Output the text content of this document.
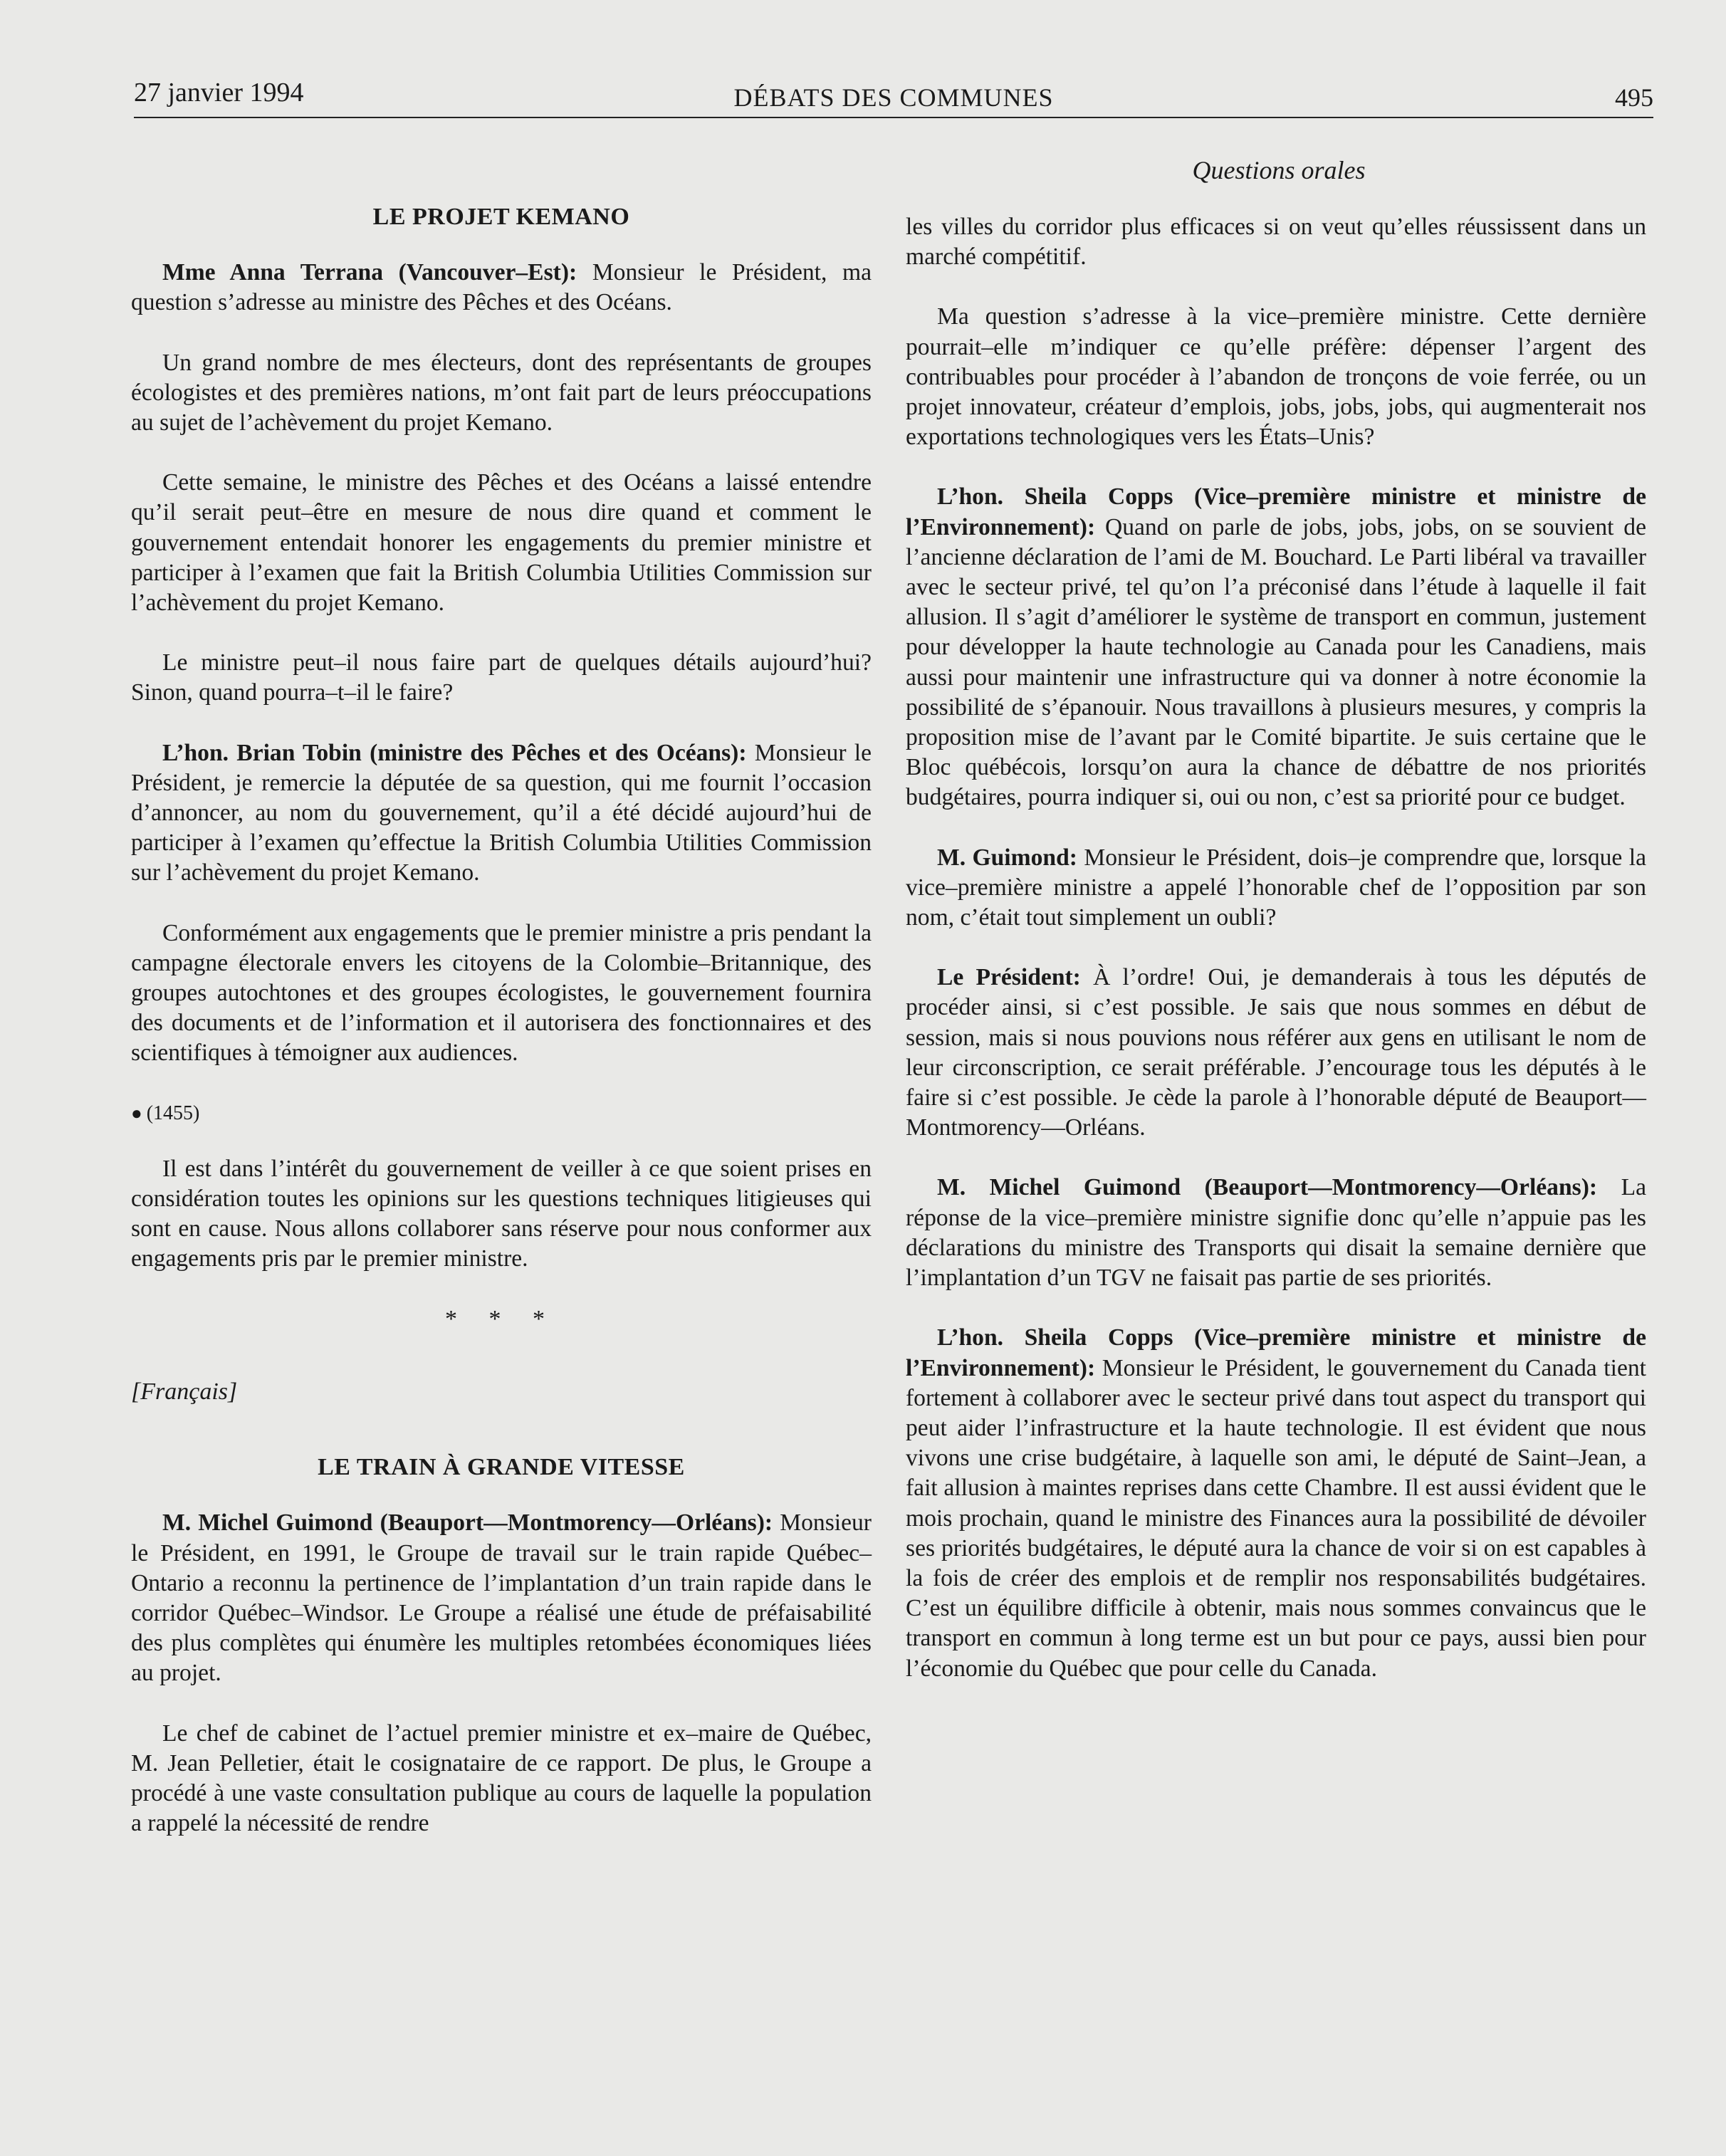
27 janvier 1994	DÉBATS DES COMMUNES	495
Questions orales
LE PROJET KEMANO

Mme Anna Terrana (Vancouver–Est): Monsieur le Président, ma question s’adresse au ministre des Pêches et des Océans.

Un grand nombre de mes électeurs, dont des représentants de groupes écologistes et des premières nations, m’ont fait part de leurs préoccupations au sujet de l’achèvement du projet Kemano.

Cette semaine, le ministre des Pêches et des Océans a laissé entendre qu’il serait peut–être en mesure de nous dire quand et comment le gouvernement entendait honorer les engagements du premier ministre et participer à l’examen que fait la British Columbia Utilities Commission sur l’achèvement du projet Kemano.

Le ministre peut–il nous faire part de quelques détails aujourd’hui? Sinon, quand pourra–t–il le faire?

L’hon. Brian Tobin (ministre des Pêches et des Océans): Monsieur le Président, je remercie la députée de sa question, qui me fournit l’occasion d’annoncer, au nom du gouvernement, qu’il a été décidé aujourd’hui de participer à l’examen qu’effectue la British Columbia Utilities Commission sur l’achèvement du projet Kemano.

Conformément aux engagements que le premier ministre a pris pendant la campagne électorale envers les citoyens de la Colombie–Britannique, des groupes autochtones et des groupes écologistes, le gouvernement fournira des documents et de l’information et il autorisera des fonctionnaires et des scientifiques à témoigner aux audiences.

● (1455)

Il est dans l’intérêt du gouvernement de veiller à ce que soient prises en considération toutes les opinions sur les questions techniques litigieuses qui sont en cause. Nous allons collaborer sans réserve pour nous conformer aux engagements pris par le premier ministre.

* * *
[Français]
LE TRAIN À GRANDE VITESSE

M. Michel Guimond (Beauport—Montmorency—Orléans): Monsieur le Président, en 1991, le Groupe de travail sur le train rapide Québec–Ontario a reconnu la pertinence de l’implantation d’un train rapide dans le corridor Québec–Windsor. Le Groupe a réalisé une étude de préfaisabilité des plus complètes qui énumère les multiples retombées économiques liées au projet.

Le chef de cabinet de l’actuel premier ministre et ex–maire de Québec, M. Jean Pelletier, était le cosignataire de ce rapport. De plus, le Groupe a procédé à une vaste consultation publique au cours de laquelle la population a rappelé la nécessité de rendre

les villes du corridor plus efficaces si on veut qu’elles réussissent dans un marché compétitif.

Ma question s’adresse à la vice–première ministre. Cette dernière pourrait–elle m’indiquer ce qu’elle préfère: dépenser l’argent des contribuables pour procéder à l’abandon de tronçons de voie ferrée, ou un projet innovateur, créateur d’emplois, jobs, jobs, jobs, qui augmenterait nos exportations technologiques vers les États–Unis?

L’hon. Sheila Copps (Vice–première ministre et ministre de l’Environnement): Quand on parle de jobs, jobs, jobs, on se souvient de l’ancienne déclaration de l’ami de M. Bouchard. Le Parti libéral va travailler avec le secteur privé, tel qu’on l’a préconisé dans l’étude à laquelle il fait allusion. Il s’agit d’améliorer le système de transport en commun, justement pour développer la haute technologie au Canada pour les Canadiens, mais aussi pour maintenir une infrastructure qui va donner à notre économie la possibilité de s’épanouir. Nous travaillons à plusieurs mesures, y compris la proposition mise de l’avant par le Comité bipartite. Je suis certaine que le Bloc québécois, lorsqu’on aura la chance de débattre de nos priorités budgétaires, pourra indiquer si, oui ou non, c’est sa priorité pour ce budget.

M. Guimond: Monsieur le Président, dois–je comprendre que, lorsque la vice–première ministre a appelé l’honorable chef de l’opposition par son nom, c’était tout simplement un oubli?

Le Président: À l’ordre! Oui, je demanderais à tous les députés de procéder ainsi, si c’est possible. Je sais que nous sommes en début de session, mais si nous pouvions nous référer aux gens en utilisant le nom de leur circonscription, ce serait préférable. J’encourage tous les députés à le faire si c’est possible. Je cède la parole à l’honorable député de Beauport—Montmorency—Orléans.

M. Michel Guimond (Beauport—Montmorency—Orléans): La réponse de la vice–première ministre signifie donc qu’elle n’appuie pas les déclarations du ministre des Transports qui disait la semaine dernière que l’implantation d’un TGV ne faisait pas partie de ses priorités.

L’hon. Sheila Copps (Vice–première ministre et ministre de l’Environnement): Monsieur le Président, le gouvernement du Canada tient fortement à collaborer avec le secteur privé dans tout aspect du transport qui peut aider l’infrastructure et la haute technologie. Il est évident que nous vivons une crise budgétaire, à laquelle son ami, le député de Saint–Jean, a fait allusion à maintes reprises dans cette Chambre. Il est aussi évident que le mois prochain, quand le ministre des Finances aura la possibilité de dévoiler ses priorités budgétaires, le député aura la chance de voir si on est capables à la fois de créer des emplois et de remplir nos responsabilités budgétaires. C’est un équilibre difficile à obtenir, mais nous sommes convaincus que le transport en commun à long terme est un but pour ce pays, aussi bien pour l’économie du Québec que pour celle du Canada.
